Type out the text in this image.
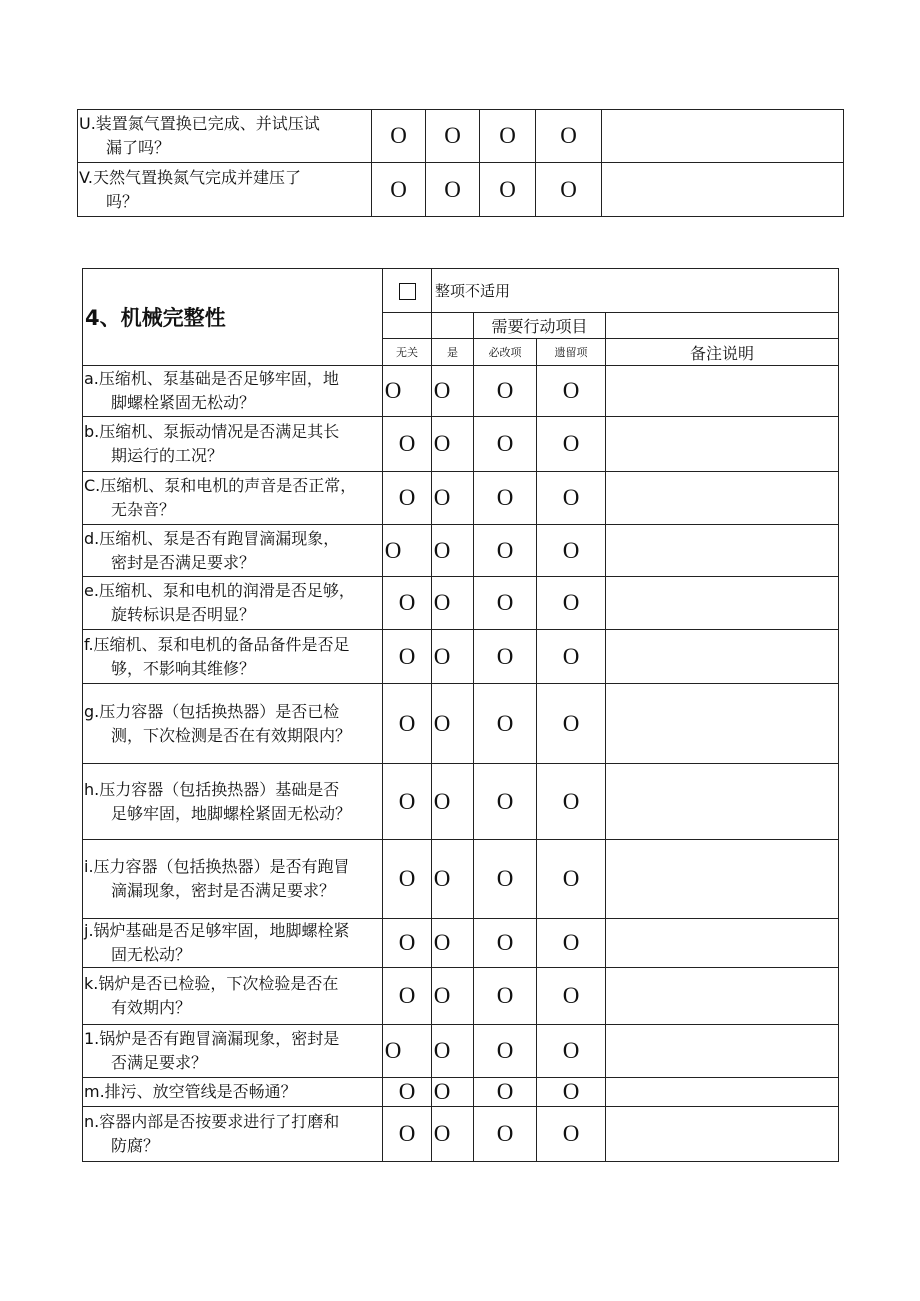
U.装置氮气置换已完成、并试压试
漏了吗？	O	O	O	O	

V.天然气置换氮气完成并建压了
吗？	O	O	O	O	
4、机械完整性		整项不适用			
			需要行动项目		
	无关	是	必改项	遗留项	备注说明

a.压缩机、泵基础是否足够牢固，地
脚螺栓紧固无松动？	O	O	O	O	

b.压缩机、泵振动情况是否满足其长
期运行的工况？	O	O	O	O	

C.压缩机、泵和电机的声音是否正常，
无杂音？	O	O	O	O	

d.压缩机、泵是否有跑冒滴漏现象，
密封是否满足要求？	O	O	O	O	

e.压缩机、泵和电机的润滑是否足够，
旋转标识是否明显？	O	O	O	O	

f.压缩机、泵和电机的备品备件是否足
够，不影响其维修？	O	O	O	O	

g.压力容器（包括换热器）是否已检
测，下次检测是否在有效期限内？	O	O	O	O	

h.压力容器（包括换热器）基础是否
足够牢固，地脚螺栓紧固无松动？	O	O	O	O	

i.压力容器（包括换热器）是否有跑冒
滴漏现象，密封是否满足要求？	O	O	O	O	

j.锅炉基础是否足够牢固，地脚螺栓紧
固无松动？	O	O	O	O	

k.锅炉是否已检验，下次检验是否在
有效期内？	O	O	O	O	

1.锅炉是否有跑冒滴漏现象，密封是
否满足要求？	O	O	O	O	

m.排污、放空管线是否畅通？	O	O	O	O	

n.容器内部是否按要求进行了打磨和
防腐？	O	O	O	O	
